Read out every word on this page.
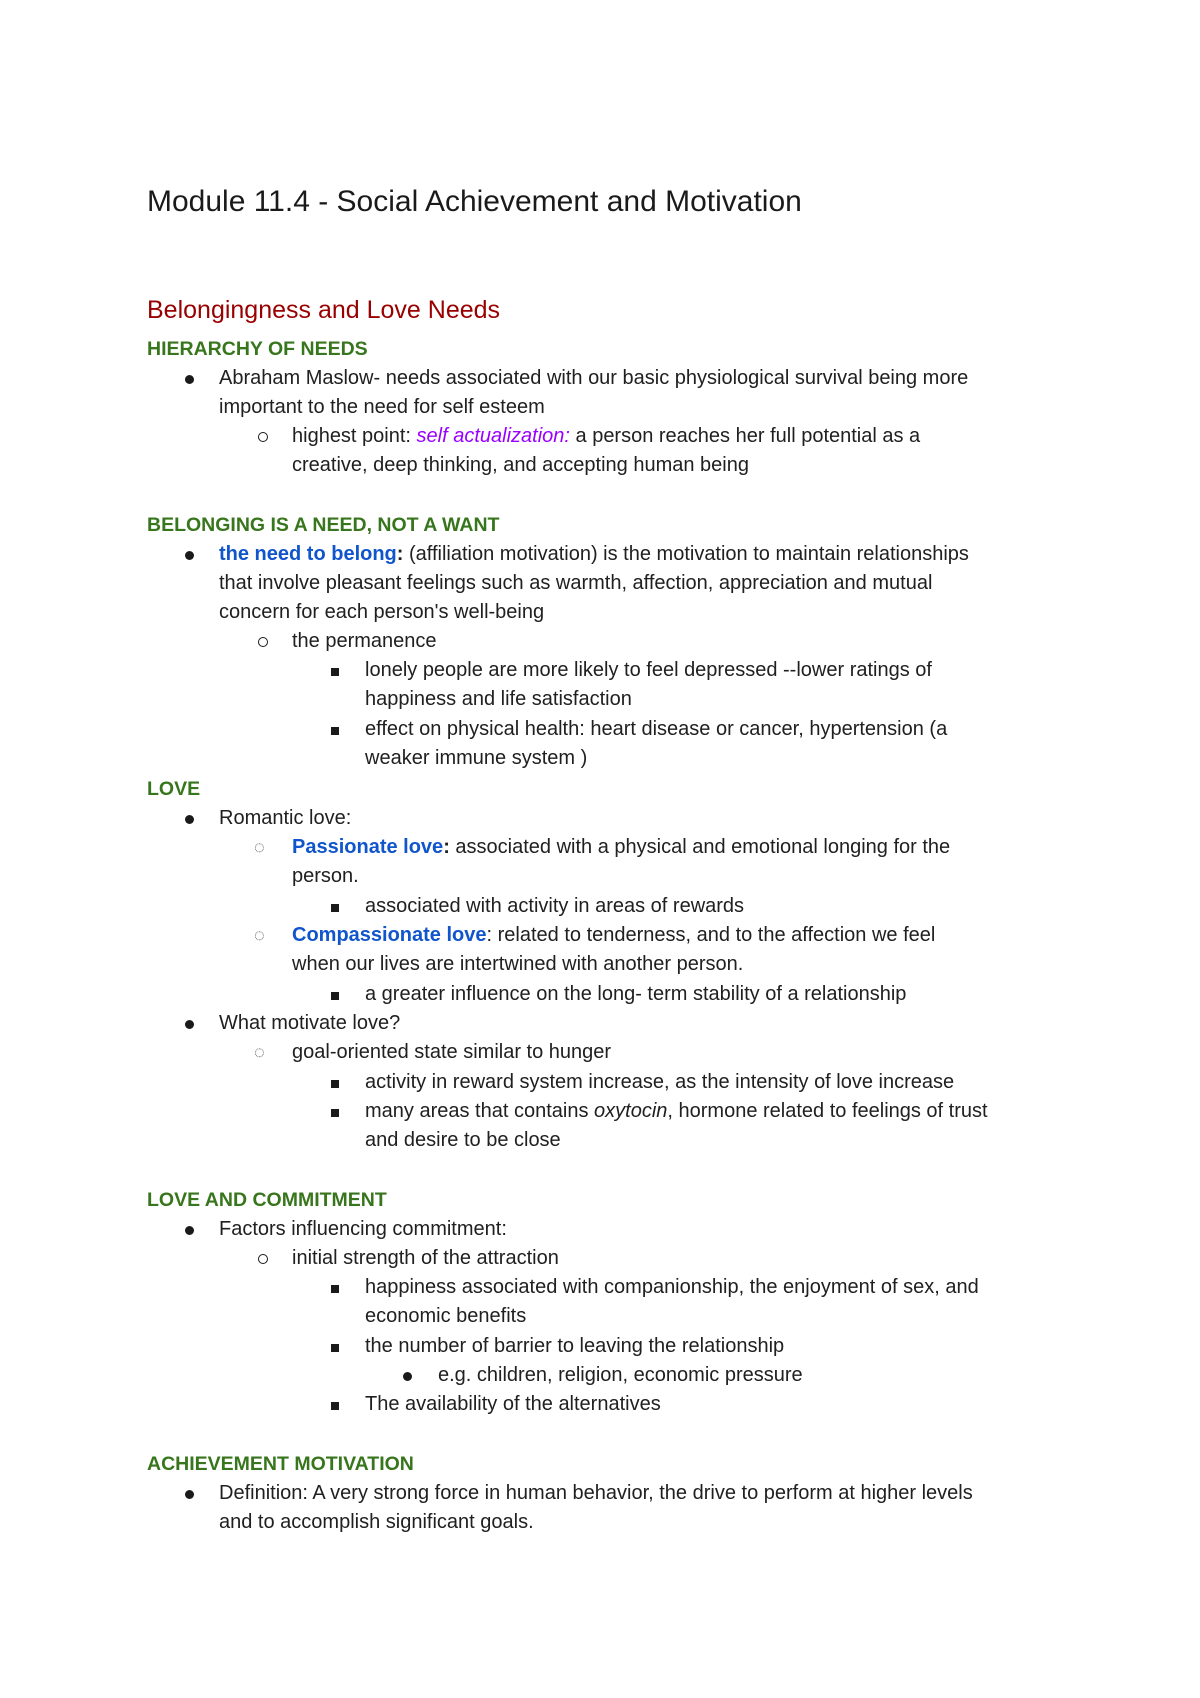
Module 11.4 - Social Achievement and Motivation
Belongingness and Love Needs
HIERARCHY OF NEEDS
Abraham Maslow- needs associated with our basic physiological survival being more
important to the need for self esteem
highest point: self actualization: a person reaches her full potential as a
creative, deep thinking, and accepting human being
BELONGING IS A NEED, NOT A WANT
the need to belong: (affiliation motivation) is the motivation to maintain relationships
that involve pleasant feelings such as warmth, affection, appreciation and mutual
concern for each person's well-being
the permanence
lonely people are more likely to feel depressed --lower ratings of
happiness and life satisfaction
effect on physical health: heart disease or cancer, hypertension (a
weaker immune system )
LOVE
Romantic love:
◌ Passionate love: associated with a physical and emotional longing for the
person.
associated with activity in areas of rewards
◌ Compassionate love: related to tenderness, and to the affection we feel
when our lives are intertwined with another person.
a greater influence on the long- term stability of a relationship
What motivate love?
◌ goal-oriented state similar to hunger
activity in reward system increase, as the intensity of love increase
many areas that contains oxytocin, hormone related to feelings of trust
and desire to be close
LOVE AND COMMITMENT
Factors influencing commitment:
initial strength of the attraction
happiness associated with companionship, the enjoyment of sex, and
economic benefits
the number of barrier to leaving the relationship
e.g. children, religion, economic pressure
The availability of the alternatives
ACHIEVEMENT MOTIVATION
Definition: A very strong force in human behavior, the drive to perform at higher levels
and to accomplish significant goals.
